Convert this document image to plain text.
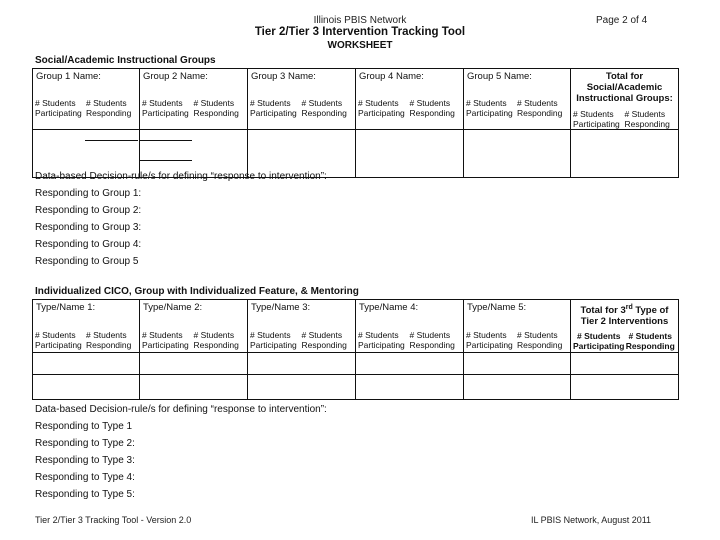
Illinois PBIS Network
Tier 2/Tier 3 Intervention Tracking Tool
WORKSHEET
Page 2 of 4
Social/Academic Instructional Groups
Group 1 Name:
# Students Participating
# Students Responding	Group 2 Name:
# Students Participating
# Students Responding	Group 3 Name:
# Students Participating
# Students Responding	Group 4 Name:
# Students Participating
# Students Responding	Group 5 Name:
# Students Participating
# Students Responding	Total for Social/Academic Instructional Groups:
# Students Participating
# Students Responding

Data-based Decision-rule/s for defining “response to intervention”:
Responding to Group 1:
Responding to Group 2:
Responding to Group 3:
Responding to Group 4:
Responding to Group 5
Individualized CICO, Group with Individualized Feature, & Mentoring
Type/Name 1:
# Students Participating
# Students Responding	Type/Name 2:
# Students Participating
# Students Responding	Type/Name 3:
# Students Participating
# Students Responding	Type/Name 4:
# Students Participating
# Students Responding	Type/Name 5:
# Students Participating
# Students Responding	Total for 3rd Type of Tier 2 Interventions
# Students Participating
# Students Responding

Data-based Decision-rule/s for defining “response to intervention”:
Responding to Type 1
Responding to Type 2:
Responding to Type 3:
Responding to Type 4:
Responding to Type 5:
Tier 2/Tier 3 Tracking Tool - Version 2.0	IL PBIS Network, August 2011
